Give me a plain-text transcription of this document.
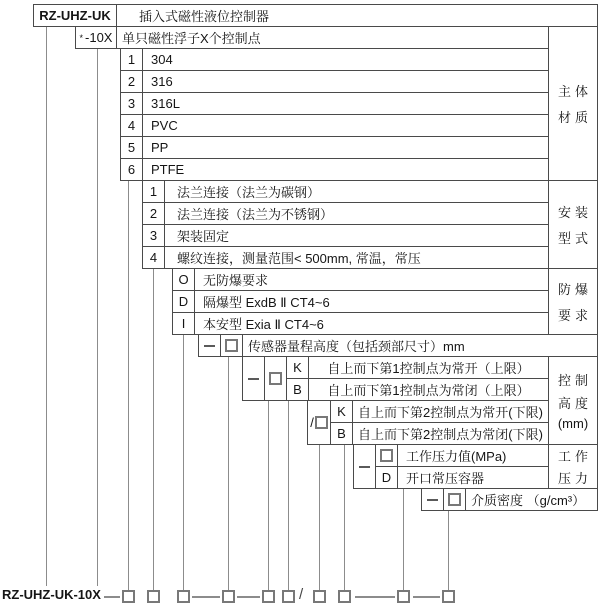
RZ-UHZ-UK 插入式磁性液位控制器
* -10X 单只磁性浮子X个控制点
1 304
2 316
3 316L
4 PVC
5 PP
6 PTFE
主体
材质
1 法兰连接（法兰为碳钢）
2 法兰连接（法兰为不锈钢）
3 架装固定
4 螺纹连接，测量范围< 500mm, 常温，常压
安装
型式
O 无防爆要求
D 隔爆型 ExdB Ⅱ CT4~6
I 本安型 Exia Ⅱ CT4~6
防爆
要求
传感器量程高度（包括颈部尺寸）mm
K 自上而下第1控制点为常开（上限）
B 自上而下第1控制点为常闭（上限）
控制
高度
(mm)
/
K 自上而下第2控制点为常开(下限)
B 自上而下第2控制点为常闭(下限)
工作压力值(MPa)
D 开口常压容器
工作
压力
介质密度 （g/cm³）
RZ-UHZ-UK-10X	/
